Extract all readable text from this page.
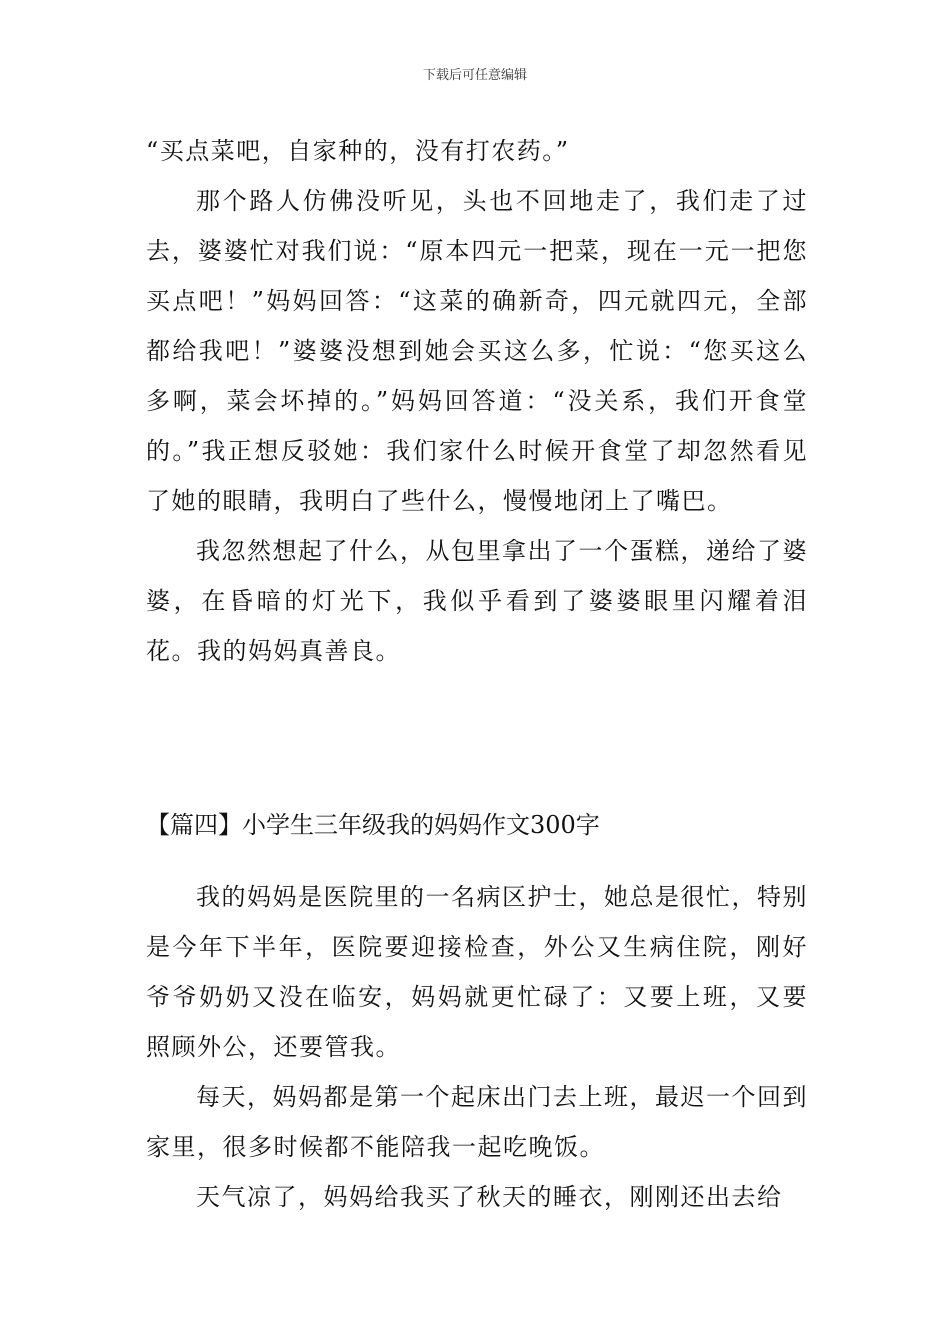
下载后可任意编辑

“买点菜吧，自家种的，没有打农药。”

那个路人仿佛没听见，头也不回地走了，我们走了过去，婆婆忙对我们说：“原本四元一把菜，现在一元一把您买点吧！”妈妈回答：“这菜的确新奇，四元就四元，全部都给我吧！”婆婆没想到她会买这么多，忙说：“您买这么多啊，菜会坏掉的。”妈妈回答道：“没关系，我们开食堂的。”我正想反驳她：我们家什么时候开食堂了却忽然看见了她的眼睛，我明白了些什么，慢慢地闭上了嘴巴。

我忽然想起了什么，从包里拿出了一个蛋糕，递给了婆婆，在昏暗的灯光下，我似乎看到了婆婆眼里闪耀着泪花。我的妈妈真善良。

【篇四】小学生三年级我的妈妈作文300字

我的妈妈是医院里的一名病区护士，她总是很忙，特别是今年下半年，医院要迎接检查，外公又生病住院，刚好爷爷奶奶又没在临安，妈妈就更忙碌了：又要上班，又要照顾外公，还要管我。

每天，妈妈都是第一个起床出门去上班，最迟一个回到家里，很多时候都不能陪我一起吃晚饭。

天气凉了，妈妈给我买了秋天的睡衣，刚刚还出去给
